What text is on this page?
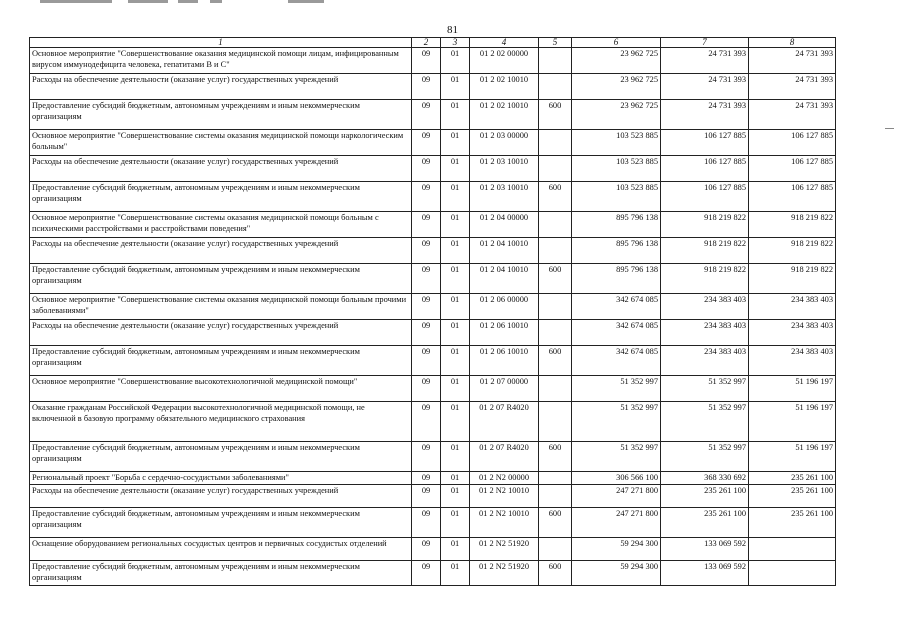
81
1	2	3	4	5	6	7	8
Основное мероприятие "Совершенствование оказания медицинской помощи лицам, инфицированным вирусом иммунодефицита человека, гепатитами В и С"	09	01	01 2 02 00000		23 962 725	24 731 393	24 731 393
Расходы на обеспечение деятельности (оказание услуг) государственных учреждений	09	01	01 2 02 10010		23 962 725	24 731 393	24 731 393
Предоставление субсидий бюджетным, автономным учреждениям и иным некоммерческим организациям	09	01	01 2 02 10010	600	23 962 725	24 731 393	24 731 393
Основное мероприятие "Совершенствование системы оказания медицинской помощи наркологическим больным"	09	01	01 2 03 00000		103 523 885	106 127 885	106 127 885
Расходы на обеспечение деятельности (оказание услуг) государственных учреждений	09	01	01 2 03 10010		103 523 885	106 127 885	106 127 885
Предоставление субсидий бюджетным, автономным учреждениям и иным некоммерческим организациям	09	01	01 2 03 10010	600	103 523 885	106 127 885	106 127 885
Основное мероприятие "Совершенствование системы оказания медицинской помощи больным с психическими расстройствами и расстройствами поведения"	09	01	01 2 04 00000		895 796 138	918 219 822	918 219 822
Расходы на обеспечение деятельности (оказание услуг) государственных учреждений	09	01	01 2 04 10010		895 796 138	918 219 822	918 219 822
Предоставление субсидий бюджетным, автономным учреждениям и иным некоммерческим организациям	09	01	01 2 04 10010	600	895 796 138	918 219 822	918 219 822
Основное мероприятие "Совершенствование системы оказания медицинской помощи больным прочими заболеваниями"	09	01	01 2 06 00000		342 674 085	234 383 403	234 383 403
Расходы на обеспечение деятельности (оказание услуг) государственных учреждений	09	01	01 2 06 10010		342 674 085	234 383 403	234 383 403
Предоставление субсидий бюджетным, автономным учреждениям и иным некоммерческим организациям	09	01	01 2 06 10010	600	342 674 085	234 383 403	234 383 403
Основное мероприятие "Совершенствование высокотехнологичной медицинской помощи"	09	01	01 2 07 00000		51 352 997	51 352 997	51 196 197
Оказание гражданам Российской Федерации высокотехнологичной медицинской помощи, не включенной в базовую программу обязательного медицинского страхования	09	01	01 2 07 R4020		51 352 997	51 352 997	51 196 197
Предоставление субсидий бюджетным, автономным учреждениям и иным некоммерческим организациям	09	01	01 2 07 R4020	600	51 352 997	51 352 997	51 196 197
Региональный проект "Борьба с сердечно-сосудистыми заболеваниями"	09	01	01 2 N2 00000		306 566 100	368 330 692	235 261 100
Расходы на обеспечение деятельности (оказание услуг) государственных учреждений	09	01	01 2 N2 10010		247 271 800	235 261 100	235 261 100
Предоставление субсидий бюджетным, автономным учреждениям и иным некоммерческим организациям	09	01	01 2 N2 10010	600	247 271 800	235 261 100	235 261 100
Оснащение оборудованием региональных сосудистых центров и первичных сосудистых отделений	09	01	01 2 N2 51920		59 294 300	133 069 592	
Предоставление субсидий бюджетным, автономным учреждениям и иным некоммерческим организациям	09	01	01 2 N2 51920	600	59 294 300	133 069 592	
